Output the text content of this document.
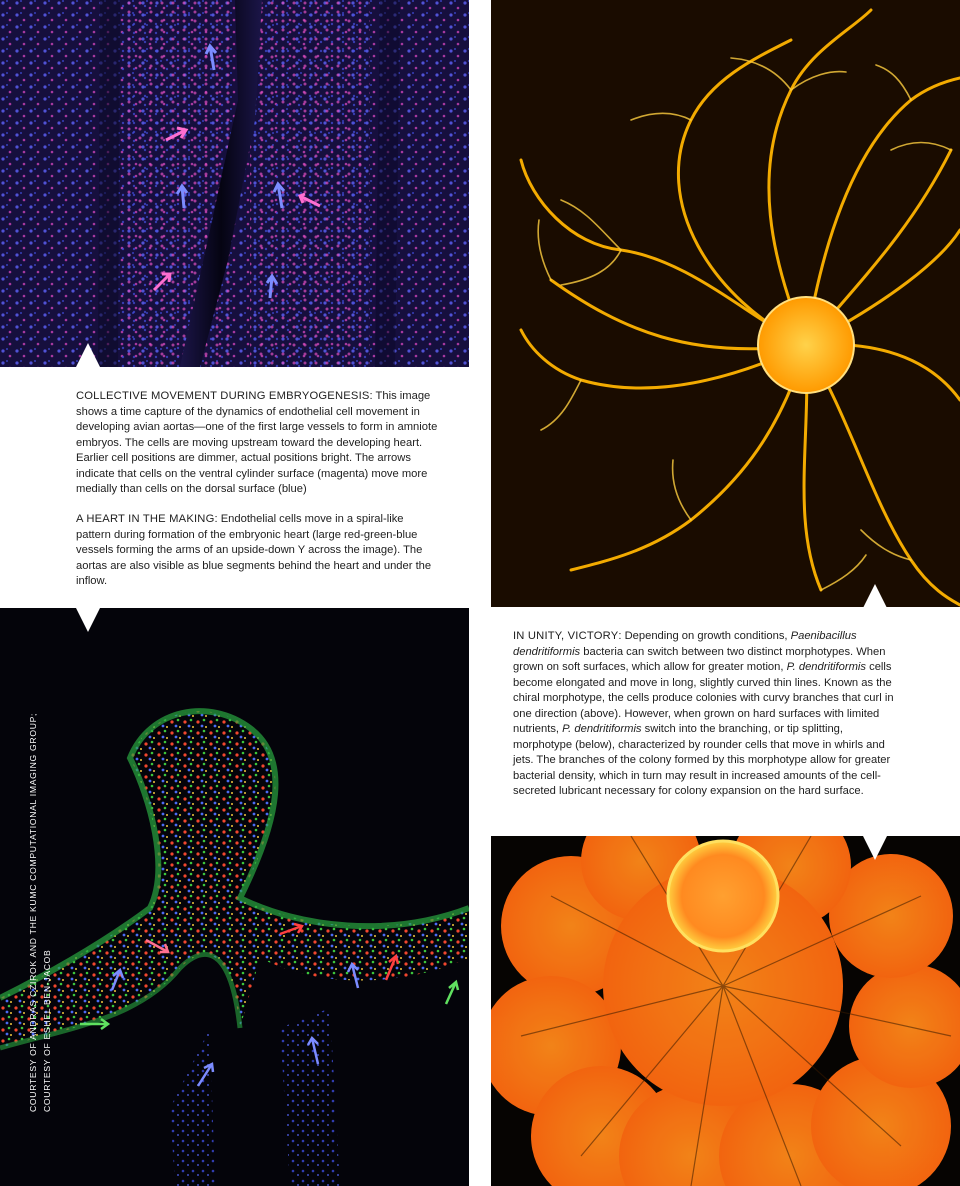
COLLECTIVE MOVEMENT DURING EMBRYOGENESIS: This image shows a time capture of the dynamics of endothelial cell movement in developing avian aortas—one of the first large vessels to form in amniote embryos. The cells are moving upstream toward the developing heart. Earlier cell positions are dimmer, actual positions bright. The arrows indicate that cells on the ventral cylinder surface (magenta) move more medially than cells on the dorsal surface (blue)

A HEART IN THE MAKING: Endothelial cells move in a spiral-like pattern during formation of the embryonic heart (large red-green-blue vessels forming the arms of an upside-down Y across the image). The aortas are also visible as blue segments behind the heart and under the inflow.

COURTESY OF ANDRAS CZIROK AND THE KUMC COMPUTATIONAL IMAGING GROUP; COURTESY OF ESHEL BEN-JACOB

IN UNITY, VICTORY: Depending on growth conditions, Paenibacillus dendritiformis bacteria can switch between two distinct morphotypes. When grown on soft surfaces, which allow for greater motion, P. dendritiformis cells become elongated and move in long, slightly curved thin lines. Known as the chiral morphotype, the cells produce colonies with curvy branches that curl in one direction (above). However, when grown on hard surfaces with limited nutrients, P. dendritiformis switch into the branching, or tip splitting, morphotype (below), characterized by rounder cells that move in whirls and jets. The branches of the colony formed by this morphotype allow for greater bacterial density, which in turn may result in increased amounts of the cell-secreted lubricant necessary for colony expansion on the hard surface.
